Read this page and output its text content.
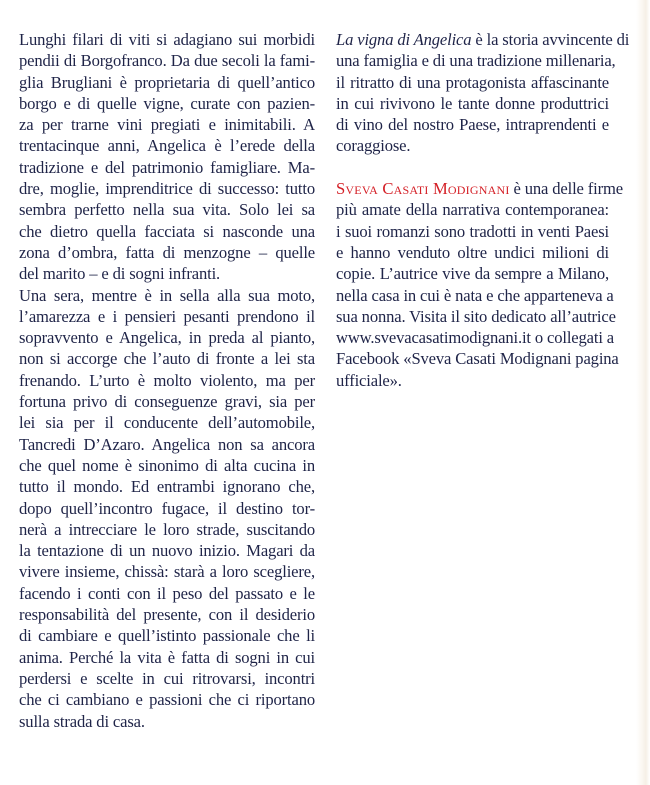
Lunghi filari di viti si adagiano sui morbidi
pendii di Borgofranco. Da due secoli la fami-
glia Brugliani è proprietaria di quell’antico
borgo e di quelle vigne, curate con pazien-
za per trarne vini pregiati e inimitabili. A
trentacinque anni, Angelica è l’erede della
tradizione e del patrimonio famigliare. Ma-
dre, moglie, imprenditrice di successo: tutto
sembra perfetto nella sua vita. Solo lei sa
che dietro quella facciata si nasconde una
zona d’ombra, fatta di menzogne – quelle
del marito – e di sogni infranti.
Una sera, mentre è in sella alla sua moto,
l’amarezza e i pensieri pesanti prendono il
sopravvento e Angelica, in preda al pianto,
non si accorge che l’auto di fronte a lei sta
frenando. L’urto è molto violento, ma per
fortuna privo di conseguenze gravi, sia per
lei sia per il conducente dell’automobile,
Tancredi D’Azaro. Angelica non sa ancora
che quel nome è sinonimo di alta cucina in
tutto il mondo. Ed entrambi ignorano che,
dopo quell’incontro fugace, il destino tor-
nerà a intrecciare le loro strade, suscitando
la tentazione di un nuovo inizio. Magari da
vivere insieme, chissà: starà a loro scegliere,
facendo i conti con il peso del passato e le
responsabilità del presente, con il desiderio
di cambiare e quell’istinto passionale che li
anima. Perché la vita è fatta di sogni in cui
perdersi e scelte in cui ritrovarsi, incontri
che ci cambiano e passioni che ci riportano
sulla strada di casa.
La vigna di Angelica è la storia avvincente di
una famiglia e di una tradizione millenaria,
il ritratto di una protagonista affascinante
in cui rivivono le tante donne produttrici
di vino del nostro Paese, intraprendenti e
coraggiose.
Sveva Casati Modignani è una delle firme
più amate della narrativa contemporanea:
i suoi romanzi sono tradotti in venti Paesi
e hanno venduto oltre undici milioni di
copie. L’autrice vive da sempre a Milano,
nella casa in cui è nata e che apparteneva a
sua nonna. Visita il sito dedicato all’autrice
www.svevacasatimodignani.it o collegati a
Facebook «Sveva Casati Modignani pagina
ufficiale».
